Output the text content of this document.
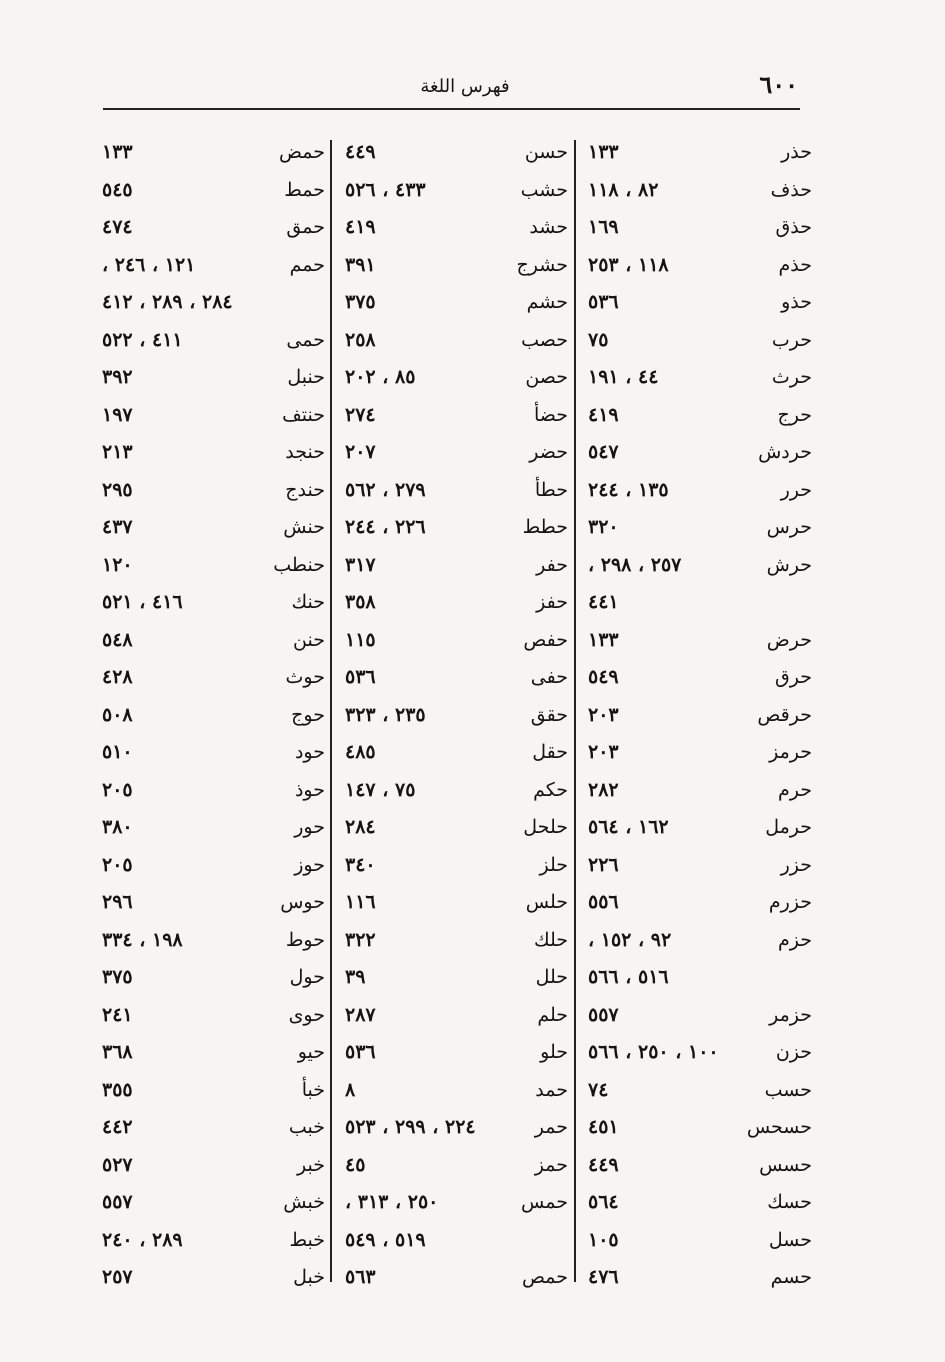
٦٠٠
فهرس اللغة
حذر
١٣٣
حذف
٨٢ ، ١١٨
حذق
١٦٩
حذم
١١٨ ، ٢٥٣
حذو
٥٣٦
حرب
٧٥
حرث
٤٤ ، ١٩١
حرج
٤١٩
حردش
٥٤٧
حرر
١٣٥ ، ٢٤٤
حرس
٣٢٠
حرش
٢٥٧ ، ٢٩٨ ،
٤٤١
حرض
١٣٣
حرق
٥٤٩
حرقص
٢٠٣
حرمز
٢٠٣
حرم
٢٨٢
حرمل
١٦٢ ، ٥٦٤
حزر
٢٢٦
حزرم
٥٥٦
حزم
٩٢ ، ١٥٢ ،
٥١٦ ، ٥٦٦
حزمر
٥٥٧
حزن
١٠٠ ، ٢٥٠ ، ٥٦٦
حسب
٧٤
حسحس
٤٥١
حسس
٤٤٩
حسك
٥٦٤
حسل
١٠٥
حسم
٤٧٦
حسن
٤٤٩
حشب
٤٣٣ ، ٥٢٦
حشد
٤١٩
حشرج
٣٩١
حشم
٣٧٥
حصب
٢٥٨
حصن
٨٥ ، ٢٠٢
حضأ
٢٧٤
حضر
٢٠٧
حطأ
٢٧٩ ، ٥٦٢
حطط
٢٢٦ ، ٢٤٤
حفر
٣١٧
حفز
٣٥٨
حفص
١١٥
حفى
٥٣٦
حقق
٢٣٥ ، ٣٢٣
حقل
٤٨٥
حكم
٧٥ ، ١٤٧
حلحل
٢٨٤
حلز
٣٤٠
حلس
١١٦
حلك
٣٢٢
حلل
٣٩
حلم
٢٨٧
حلو
٥٣٦
حمد
٨
حمر
٢٢٤ ، ٢٩٩ ، ٥٢٣
حمز
٤٥
حمس
٢٥٠ ، ٣١٣ ،
٥١٩ ، ٥٤٩
حمص
٥٦٣
حمض
١٣٣
حمط
٥٤٥
حمق
٤٧٤
حمم
١٢١ ، ٢٤٦ ،
٢٨٤ ، ٢٨٩ ، ٤١٢
حمى
٤١١ ، ٥٢٢
حنبل
٣٩٢
حنتف
١٩٧
حنجد
٢١٣
حندج
٢٩٥
حنش
٤٣٧
حنطب
١٢٠
حنك
٤١٦ ، ٥٢١
حنن
٥٤٨
حوث
٤٢٨
حوج
٥٠٨
حود
٥١٠
حوذ
٢٠٥
حور
٣٨٠
حوز
٢٠٥
حوس
٢٩٦
حوط
١٩٨ ، ٣٣٤
حول
٣٧٥
حوى
٢٤١
حيو
٣٦٨
خبأ
٣٥٥
خبب
٤٤٢
خبر
٥٢٧
خبش
٥٥٧
خبط
٢٨٩ ، ٢٤٠
خبل
٢٥٧
